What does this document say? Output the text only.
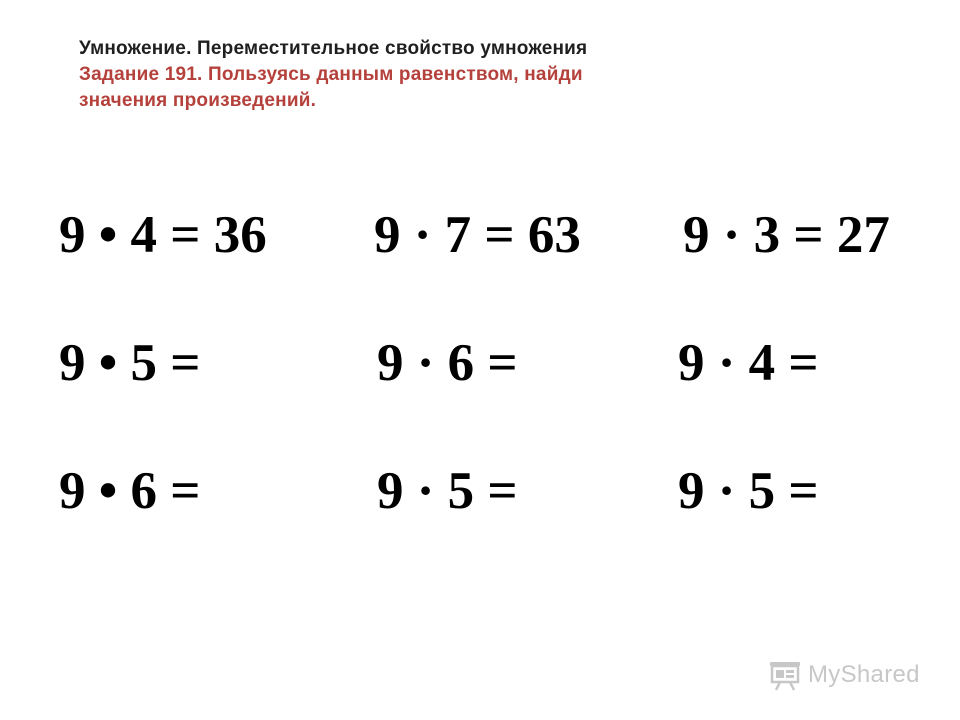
Умножение. Переместительное свойство умножения
Задание 191. Пользуясь данным равенством, найди
значения произведений.
9 • 4 = 36 9 · 7 = 63 9 · 3 = 27
9 • 5 =	9 · 6 =	9 · 4 =
9 • 6 =	9 · 5 =	9 · 5 =
MyShared
